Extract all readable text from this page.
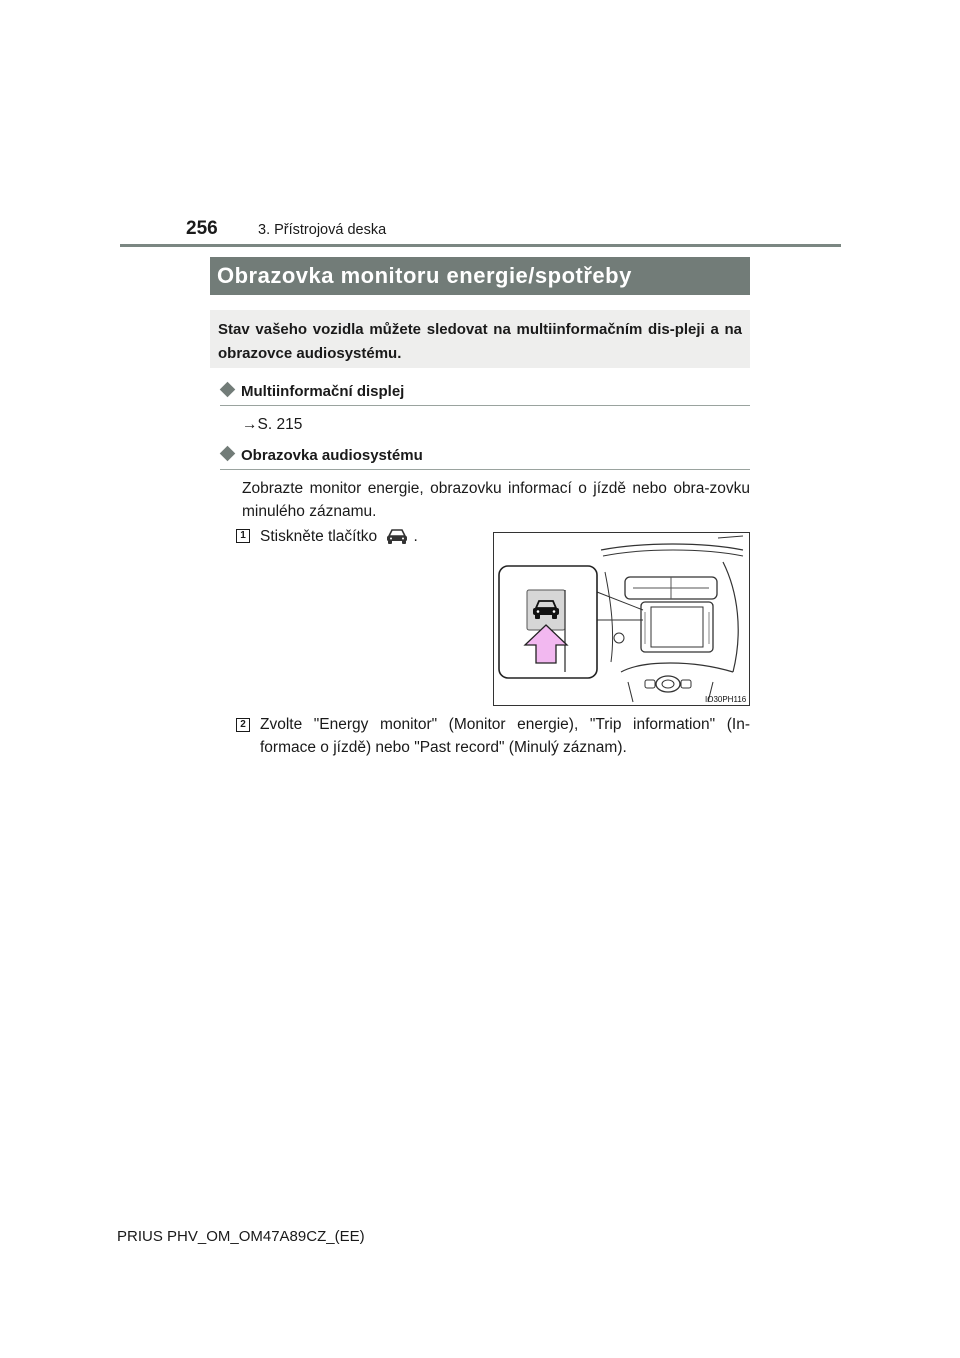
256	3. Přístrojová deska
Obrazovka monitoru energie/spotřeby
Stav vašeho vozidla můžete sledovat na multiinformačním dis-pleji a na obrazovce audiosystému.
Multiinformační displej
→S. 215
Obrazovka audiosystému
Zobrazte monitor energie, obrazovku informací o jízdě nebo obra-zovku minulého záznamu.
1 Stiskněte tlačítko .
IO30PH116
2 Zvolte "Energy monitor" (Monitor energie), "Trip information" (In-formace o jízdě) nebo "Past record" (Minulý záznam).
PRIUS PHV_OM_OM47A89CZ_(EE)
